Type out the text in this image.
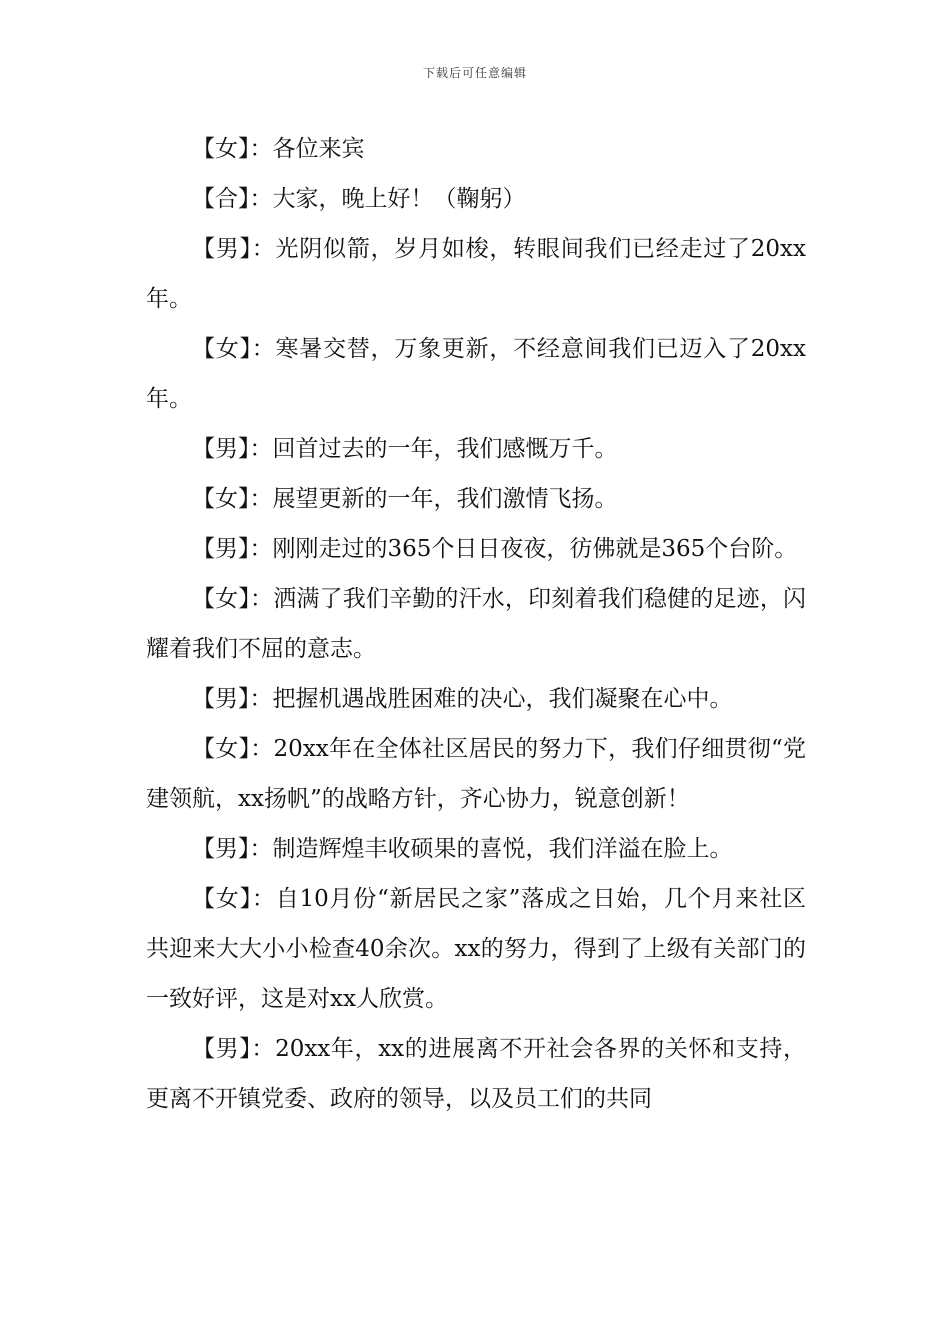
下载后可任意编辑

【女】：各位来宾

【合】：大家，晚上好！（鞠躬）

【男】：光阴似箭，岁月如梭，转眼间我们已经走过了20xx年。

【女】：寒暑交替，万象更新，不经意间我们已迈入了20xx年。

【男】：回首过去的一年，我们感慨万千。

【女】：展望更新的一年，我们激情飞扬。

【男】：刚刚走过的365个日日夜夜，彷佛就是365个台阶。

【女】：洒满了我们辛勤的汗水，印刻着我们稳健的足迹，闪耀着我们不屈的意志。

【男】：把握机遇战胜困难的决心，我们凝聚在心中。

【女】：20xx年在全体社区居民的努力下，我们仔细贯彻“党建领航，xx扬帆”的战略方针，齐心协力，锐意创新！

【男】：制造辉煌丰收硕果的喜悦，我们洋溢在脸上。

【女】：自10月份“新居民之家”落成之日始，几个月来社区共迎来大大小小检查40余次。xx的努力，得到了上级有关部门的一致好评，这是对xx人欣赏。

【男】：20xx年，xx的进展离不开社会各界的关怀和支持，更离不开镇党委、政府的领导，以及员工们的共同
